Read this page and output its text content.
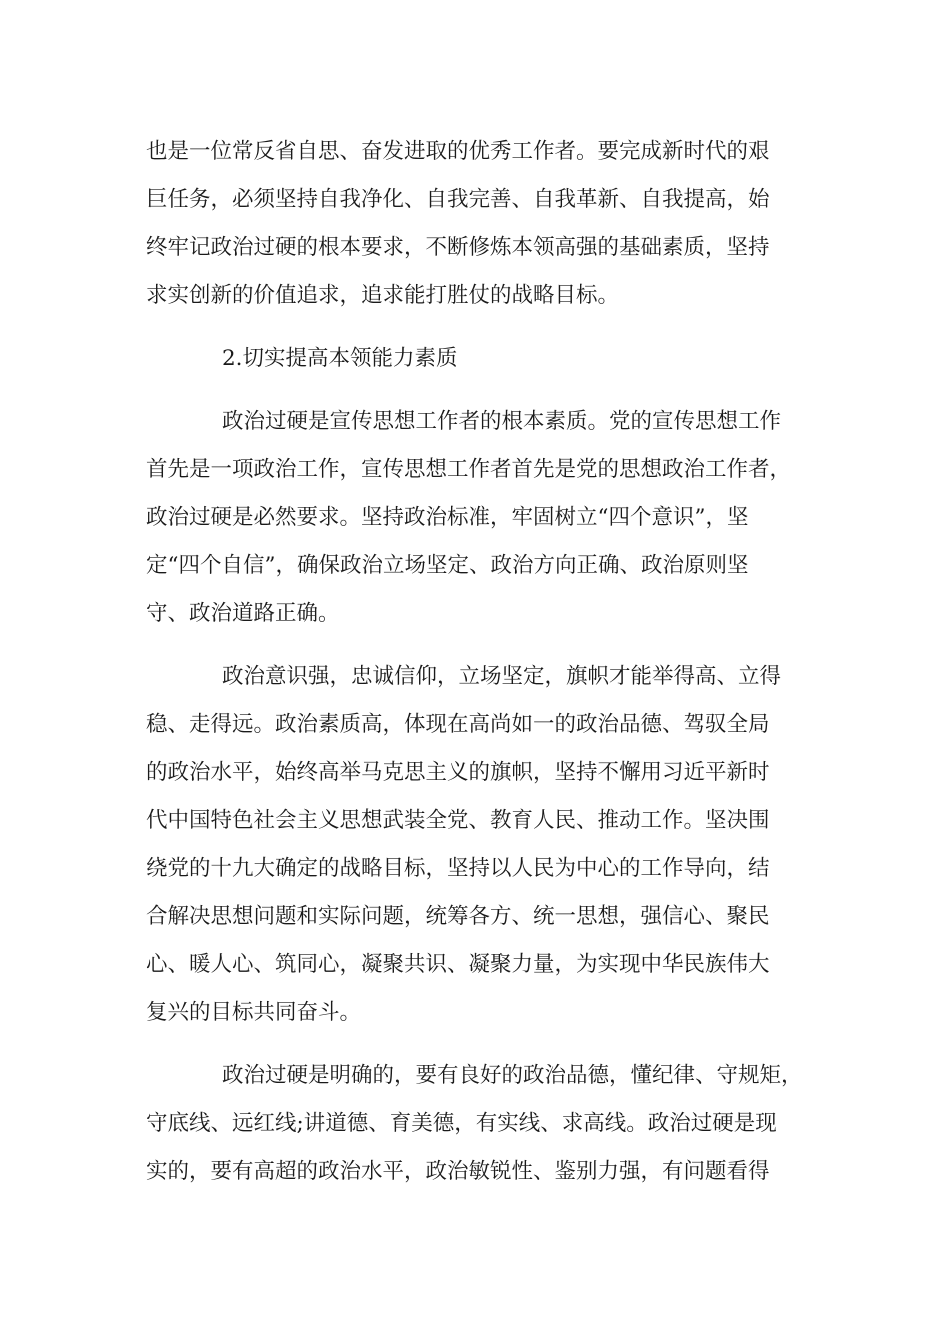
也是一位常反省自思、奋发进取的优秀工作者。要完成新时代的艰
巨任务，必须坚持自我净化、自我完善、自我革新、自我提高，始
终牢记政治过硬的根本要求，不断修炼本领高强的基础素质，坚持
求实创新的价值追求，追求能打胜仗的战略目标。
2.切实提高本领能力素质
政治过硬是宣传思想工作者的根本素质。党的宣传思想工作
首先是一项政治工作，宣传思想工作者首先是党的思想政治工作者，
政治过硬是必然要求。坚持政治标准，牢固树立“四个意识”，坚
定“四个自信”，确保政治立场坚定、政治方向正确、政治原则坚
守、政治道路正确。
政治意识强，忠诚信仰，立场坚定，旗帜才能举得高、立得
稳、走得远。政治素质高，体现在高尚如一的政治品德、驾驭全局
的政治水平，始终高举马克思主义的旗帜，坚持不懈用习近平新时
代中国特色社会主义思想武装全党、教育人民、推动工作。坚决围
绕党的十九大确定的战略目标，坚持以人民为中心的工作导向，结
合解决思想问题和实际问题，统筹各方、统一思想，强信心、聚民
心、暖人心、筑同心，凝聚共识、凝聚力量，为实现中华民族伟大
复兴的目标共同奋斗。
政治过硬是明确的，要有良好的政治品德，懂纪律、守规矩，
守底线、远红线;讲道德、育美德，有实线、求高线。政治过硬是现
实的，要有高超的政治水平，政治敏锐性、鉴别力强，有问题看得
